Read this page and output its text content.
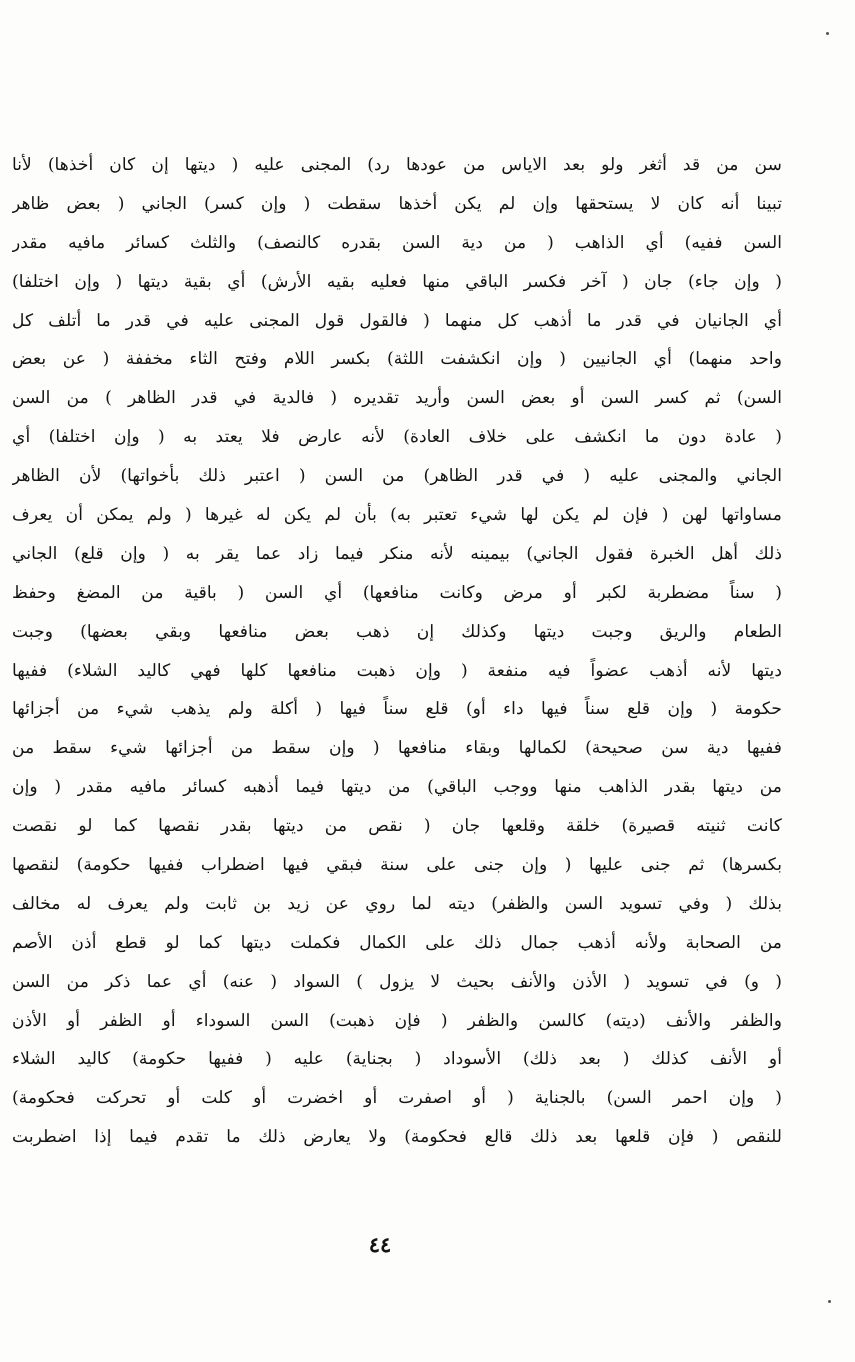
سن من قد أثغر ولو بعد الاياس من عودها رد) المجنى عليه ( ديتها إن كان أخذها) لأنا
تبينا أنه كان لا يستحقها وإن لم يكن أخذها سقطت ( وإن كسر) الجاني ( بعض ظاهر
السن ففيه) أي الذاهب ( من دية السن بقدره كالنصف) والثلث كسائر مافيه مقدر
( وإن جاء) جان ( آخر فكسر الباقي منها فعليه بقيه الأرش) أي بقية ديتها ( وإن اختلفا)
أي الجانيان في قدر ما أذهب كل منهما ( فالقول قول المجنى عليه في قدر ما أتلف كل
واحد منهما) أي الجانيين ( وإن انكشفت اللثة) بكسر اللام وفتح الثاء مخففة ( عن بعض
السن) ثم كسر السن أو بعض السن وأريد تقديره ( فالدية في قدر الظاهر ) من السن
( عادة دون ما انكشف على خلاف العادة) لأنه عارض فلا يعتد به ( وإن اختلفا) أي
الجاني والمجنى عليه ( في قدر الظاهر) من السن ( اعتبر ذلك بأخواتها) لأن الظاهر
مساواتها لهن ( فإن لم يكن لها شيء تعتبر به) بأن لم يكن له غيرها ( ولم يمكن أن يعرف
ذلك أهل الخبرة فقول الجاني) بيمينه لأنه منكر فيما زاد عما يقر به ( وإن قلع) الجاني
( سناً مضطربة لكبر أو مرض وكانت منافعها) أي السن ( باقية من المضغ وحفظ
الطعام والريق وجبت ديتها وكذلك إن ذهب بعض منافعها وبقي بعضها) وجبت
ديتها لأنه أذهب عضواً فيه منفعة ( وإن ذهبت منافعها كلها فهي كاليد الشلاء) ففيها
حكومة ( وإن قلع سناً فيها داء أو) قلع سناً فيها ( أكلة ولم يذهب شيء من أجزائها
ففيها دية سن صحيحة) لكمالها وبقاء منافعها ( وإن سقط من أجزائها شيء سقط من
من ديتها بقدر الذاهب منها ووجب الباقي) من ديتها فيما أذهبه كسائر مافيه مقدر ( وإن
كانت ثنيته قصيرة) خلقة وقلعها جان ( نقص من ديتها بقدر نقصها كما لو نقصت
بكسرها) ثم جنى عليها ( وإن جنى على سنة فبقي فيها اضطراب ففيها حكومة) لنقصها
بذلك ( وفي تسويد السن والظفر) ديته لما روي عن زيد بن ثابت ولم يعرف له مخالف
من الصحابة ولأنه أذهب جمال ذلك على الكمال فكملت ديتها كما لو قطع أذن الأصم
( و) في تسويد ( الأذن والأنف بحيث لا يزول ) السواد ( عنه) أي عما ذكر من السن
والظفر والأنف (ديته) كالسن والظفر ( فإن ذهبت) السن السوداء أو الظفر أو الأذن
أو الأنف كذلك ( بعد ذلك) الأسوداد ( بجناية) عليه ( ففيها حكومة) كاليد الشلاء
( وإن احمر السن) بالجناية ( أو اصفرت أو اخضرت أو كلت أو تحركت فحكومة)
للنقص ( فإن قلعها بعد ذلك قالع فحكومة) ولا يعارض ذلك ما تقدم فيما إذا اضطربت
٤٤
